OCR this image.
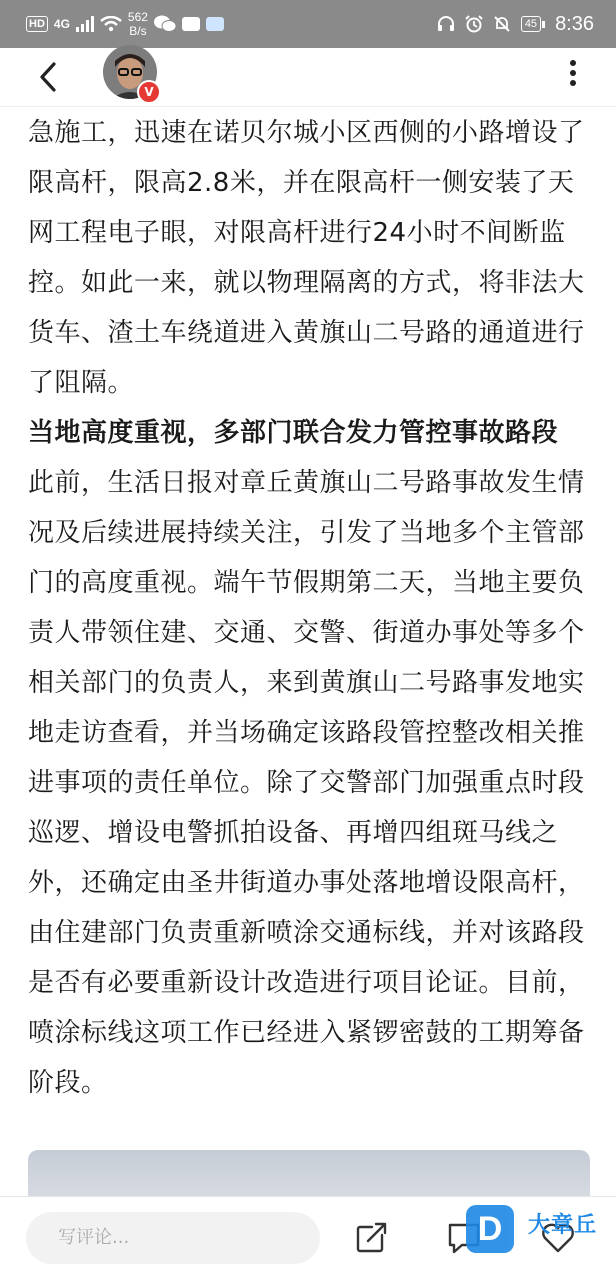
HD 4G	562
B/s	45 8:36
V

急施工，迅速在诺贝尔城小区西侧的小路增设了限高杆，限高2.8米，并在限高杆一侧安装了天网工程电子眼，对限高杆进行24小时不间断监控。如此一来，就以物理隔离的方式，将非法大货车、渣土车绕道进入黄旗山二号路的通道进行了阻隔。

当地高度重视，多部门联合发力管控事故路段

此前，生活日报对章丘黄旗山二号路事故发生情况及后续进展持续关注，引发了当地多个主管部门的高度重视。端午节假期第二天，当地主要负责人带领住建、交通、交警、街道办事处等多个相关部门的负责人，来到黄旗山二号路事发地实地走访查看，并当场确定该路段管控整改相关推进事项的责任单位。除了交警部门加强重点时段巡逻、增设电警抓拍设备、再增四组斑马线之外，还确定由圣井街道办事处落地增设限高杆，由住建部门负责重新喷涂交通标线，并对该路段是否有必要重新设计改造进行项目论证。目前，喷涂标线这项工作已经进入紧锣密鼓的工期筹备阶段。

写评论...	D	大章丘
